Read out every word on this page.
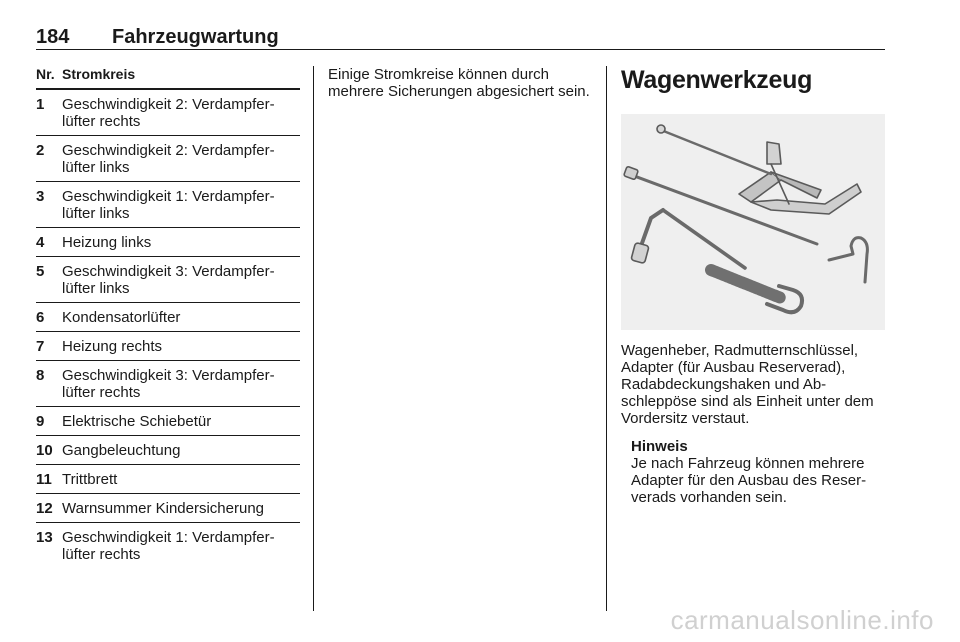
184 Fahrzeugwartung
Nr. Stromkreis
1	Geschwindigkeit 2: Verdampfer-lüfter rechts
2	Geschwindigkeit 2: Verdampfer-lüfter links
3	Geschwindigkeit 1: Verdampfer-lüfter links
4	Heizung links
5	Geschwindigkeit 3: Verdampfer-lüfter links
6	Kondensatorlüfter
7	Heizung rechts
8	Geschwindigkeit 3: Verdampfer-lüfter rechts
9	Elektrische Schiebetür
10 Gangbeleuchtung
11 Trittbrett
12 Warnsummer Kindersicherung
13 Geschwindigkeit 1: Verdampfer-lüfter rechts

Einige Stromkreise können durch mehrere Sicherungen abgesichert sein. Wagenwerkzeug
Wagenheber, Radmutternschlüssel, Adapter (für Ausbau Reserverad), Radabdeckungshaken und Ab-schleppöse sind als Einheit unter dem Vordersitz verstaut.
Hinweis
Je nach Fahrzeug können mehrere Adapter für den Ausbau des Reser-verads vorhanden sein.
carmanualsonline.info
